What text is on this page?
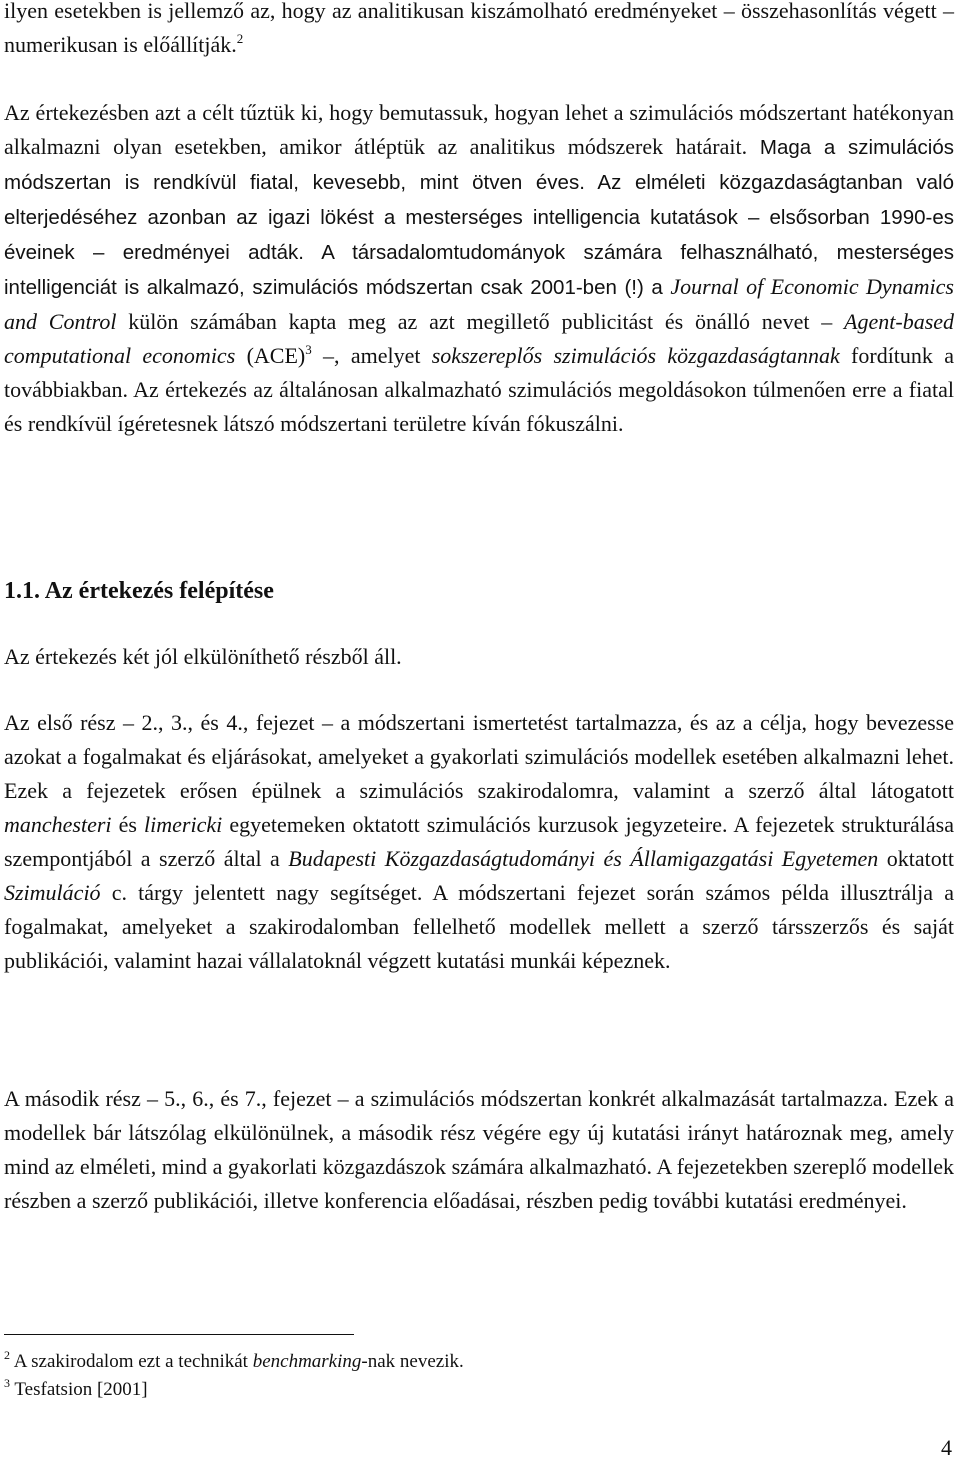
ilyen esetekben is jellemző az, hogy az analitikusan kiszámolható eredményeket – összehasonlítás végett – numerikusan is előállítják.$^2$

Az értekezésben azt a célt tűztük ki, hogy bemutassuk, hogyan lehet a szimulációs módszertant hatékonyan alkalmazni olyan esetekben, amikor átléptük az analitikus módszerek határait. Maga a szimulációs módszertan is rendkívül fiatal, kevesebb, mint ötven éves. Az elméleti közgazdaságtanban való elterjedéséhez azonban az igazi lökést a mesterséges intelligencia kutatások – elsősorban 1990-es éveinek – eredményei adták. A társadalomtudományok számára felhasználható, mesterséges intelligenciát is alkalmazó, szimulációs módszertan csak 2001-ben (!) a Journal of Economic Dynamics and Control külön számában kapta meg az azt megillető publicitást és önálló nevet – Agent-based computational economics (ACE)$^3$ –, amelyet sokszereplős szimulációs közgazdaságtannak fordítunk a továbbiakban. Az értekezés az általánosan alkalmazható szimulációs megoldásokon túlmenően erre a fiatal és rendkívül ígéretesnek látszó módszertani területre kíván fókuszálni.

1.1. Az értekezés felépítése

Az értekezés két jól elkülöníthető részből áll.

Az első rész – 2., 3., és 4., fejezet – a módszertani ismertetést tartalmazza, és az a célja, hogy bevezesse azokat a fogalmakat és eljárásokat, amelyeket a gyakorlati szimulációs modellek esetében alkalmazni lehet. Ezek a fejezetek erősen épülnek a szimulációs szakirodalomra, valamint a szerző által látogatott manchesteri és limericki egyetemeken oktatott szimulációs kurzusok jegyzeteire. A fejezetek strukturálása szempontjából a szerző által a Budapesti Közgazdaságtudományi és Államigazgatási Egyetemen oktatott Szimuláció c. tárgy jelentett nagy segítséget. A módszertani fejezet során számos példa illusztrálja a fogalmakat, amelyeket a szakirodalomban fellelhető modellek mellett a szerző társszerzős és saját publikációi, valamint hazai vállalatoknál végzett kutatási munkái képeznek.

A második rész – 5., 6., és 7., fejezet – a szimulációs módszertan konkrét alkalmazását tartalmazza. Ezek a modellek bár látszólag elkülönülnek, a második rész végére egy új kutatási irányt határoznak meg, amely mind az elméleti, mind a gyakorlati közgazdászok számára alkalmazható. A fejezetekben szereplő modellek részben a szerző publikációi, illetve konferencia előadásai, részben pedig további kutatási eredményei.

$^2$ A szakirodalom ezt a technikát benchmarking-nak nevezik.
$^3$ Tesfatsion [2001]
4
